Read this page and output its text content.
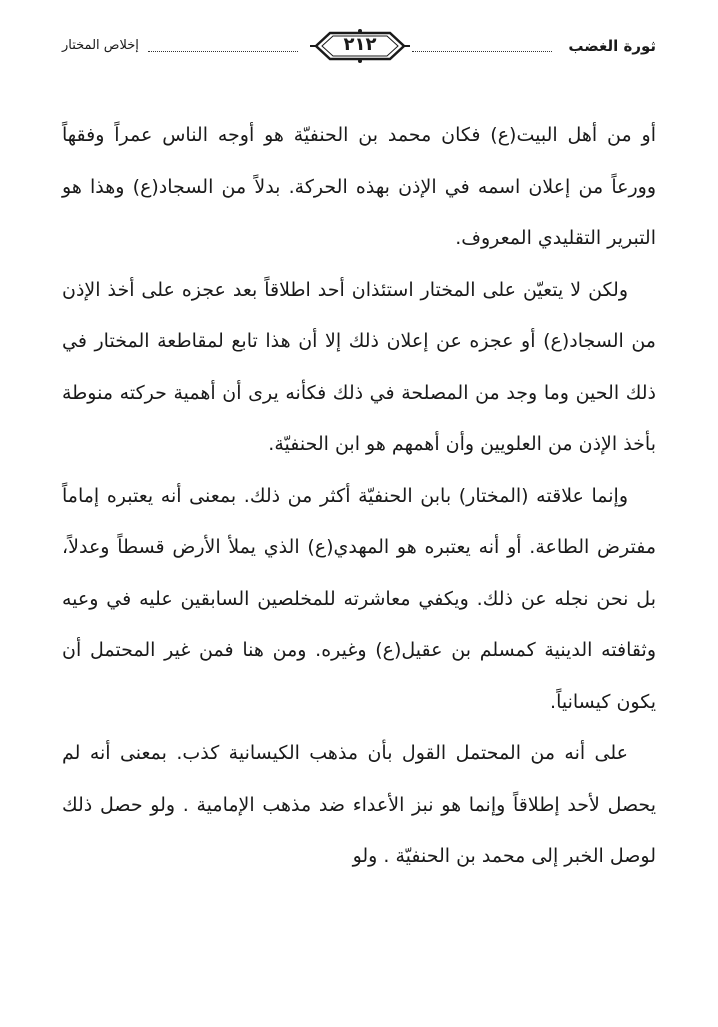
ثورة الغضب
٢١٢
إخلاص المختار

أو من أهل البيت(ع) فكان محمد بن الحنفيّة هو أوجه الناس عمراً وفقهاً وورعاً من إعلان اسمه في الإذن بهذه الحركة. بدلاً من السجاد(ع) وهذا هو التبرير التقليدي المعروف.

ولكن لا يتعيّن على المختار استئذان أحد اطلاقاً بعد عجزه على أخذ الإذن من السجاد(ع) أو عجزه عن إعلان ذلك إلا أن هذا تابع لمقاطعة المختار في ذلك الحين وما وجد من المصلحة في ذلك فكأنه يرى أن أهمية حركته منوطة بأخذ الإذن من العلويين وأن أهمهم هو ابن الحنفيّة.

وإنما علاقته (المختار) بابن الحنفيّة أكثر من ذلك. بمعنى أنه يعتبره إماماً مفترض الطاعة. أو أنه يعتبره هو المهدي(ع) الذي يملأ الأرض قسطاً وعدلاً، بل نحن نجله عن ذلك. ويكفي معاشرته للمخلصين السابقين عليه في وعيه وثقافته الدينية كمسلم بن عقيل(ع) وغيره. ومن هنا فمن غير المحتمل أن يكون كيسانياً.

على أنه من المحتمل القول بأن مذهب الكيسانية كذب. بمعنى أنه لم يحصل لأحد إطلاقاً وإنما هو نبز الأعداء ضد مذهب الإمامية . ولو حصل ذلك لوصل الخبر إلى محمد بن الحنفيّة . ولو
